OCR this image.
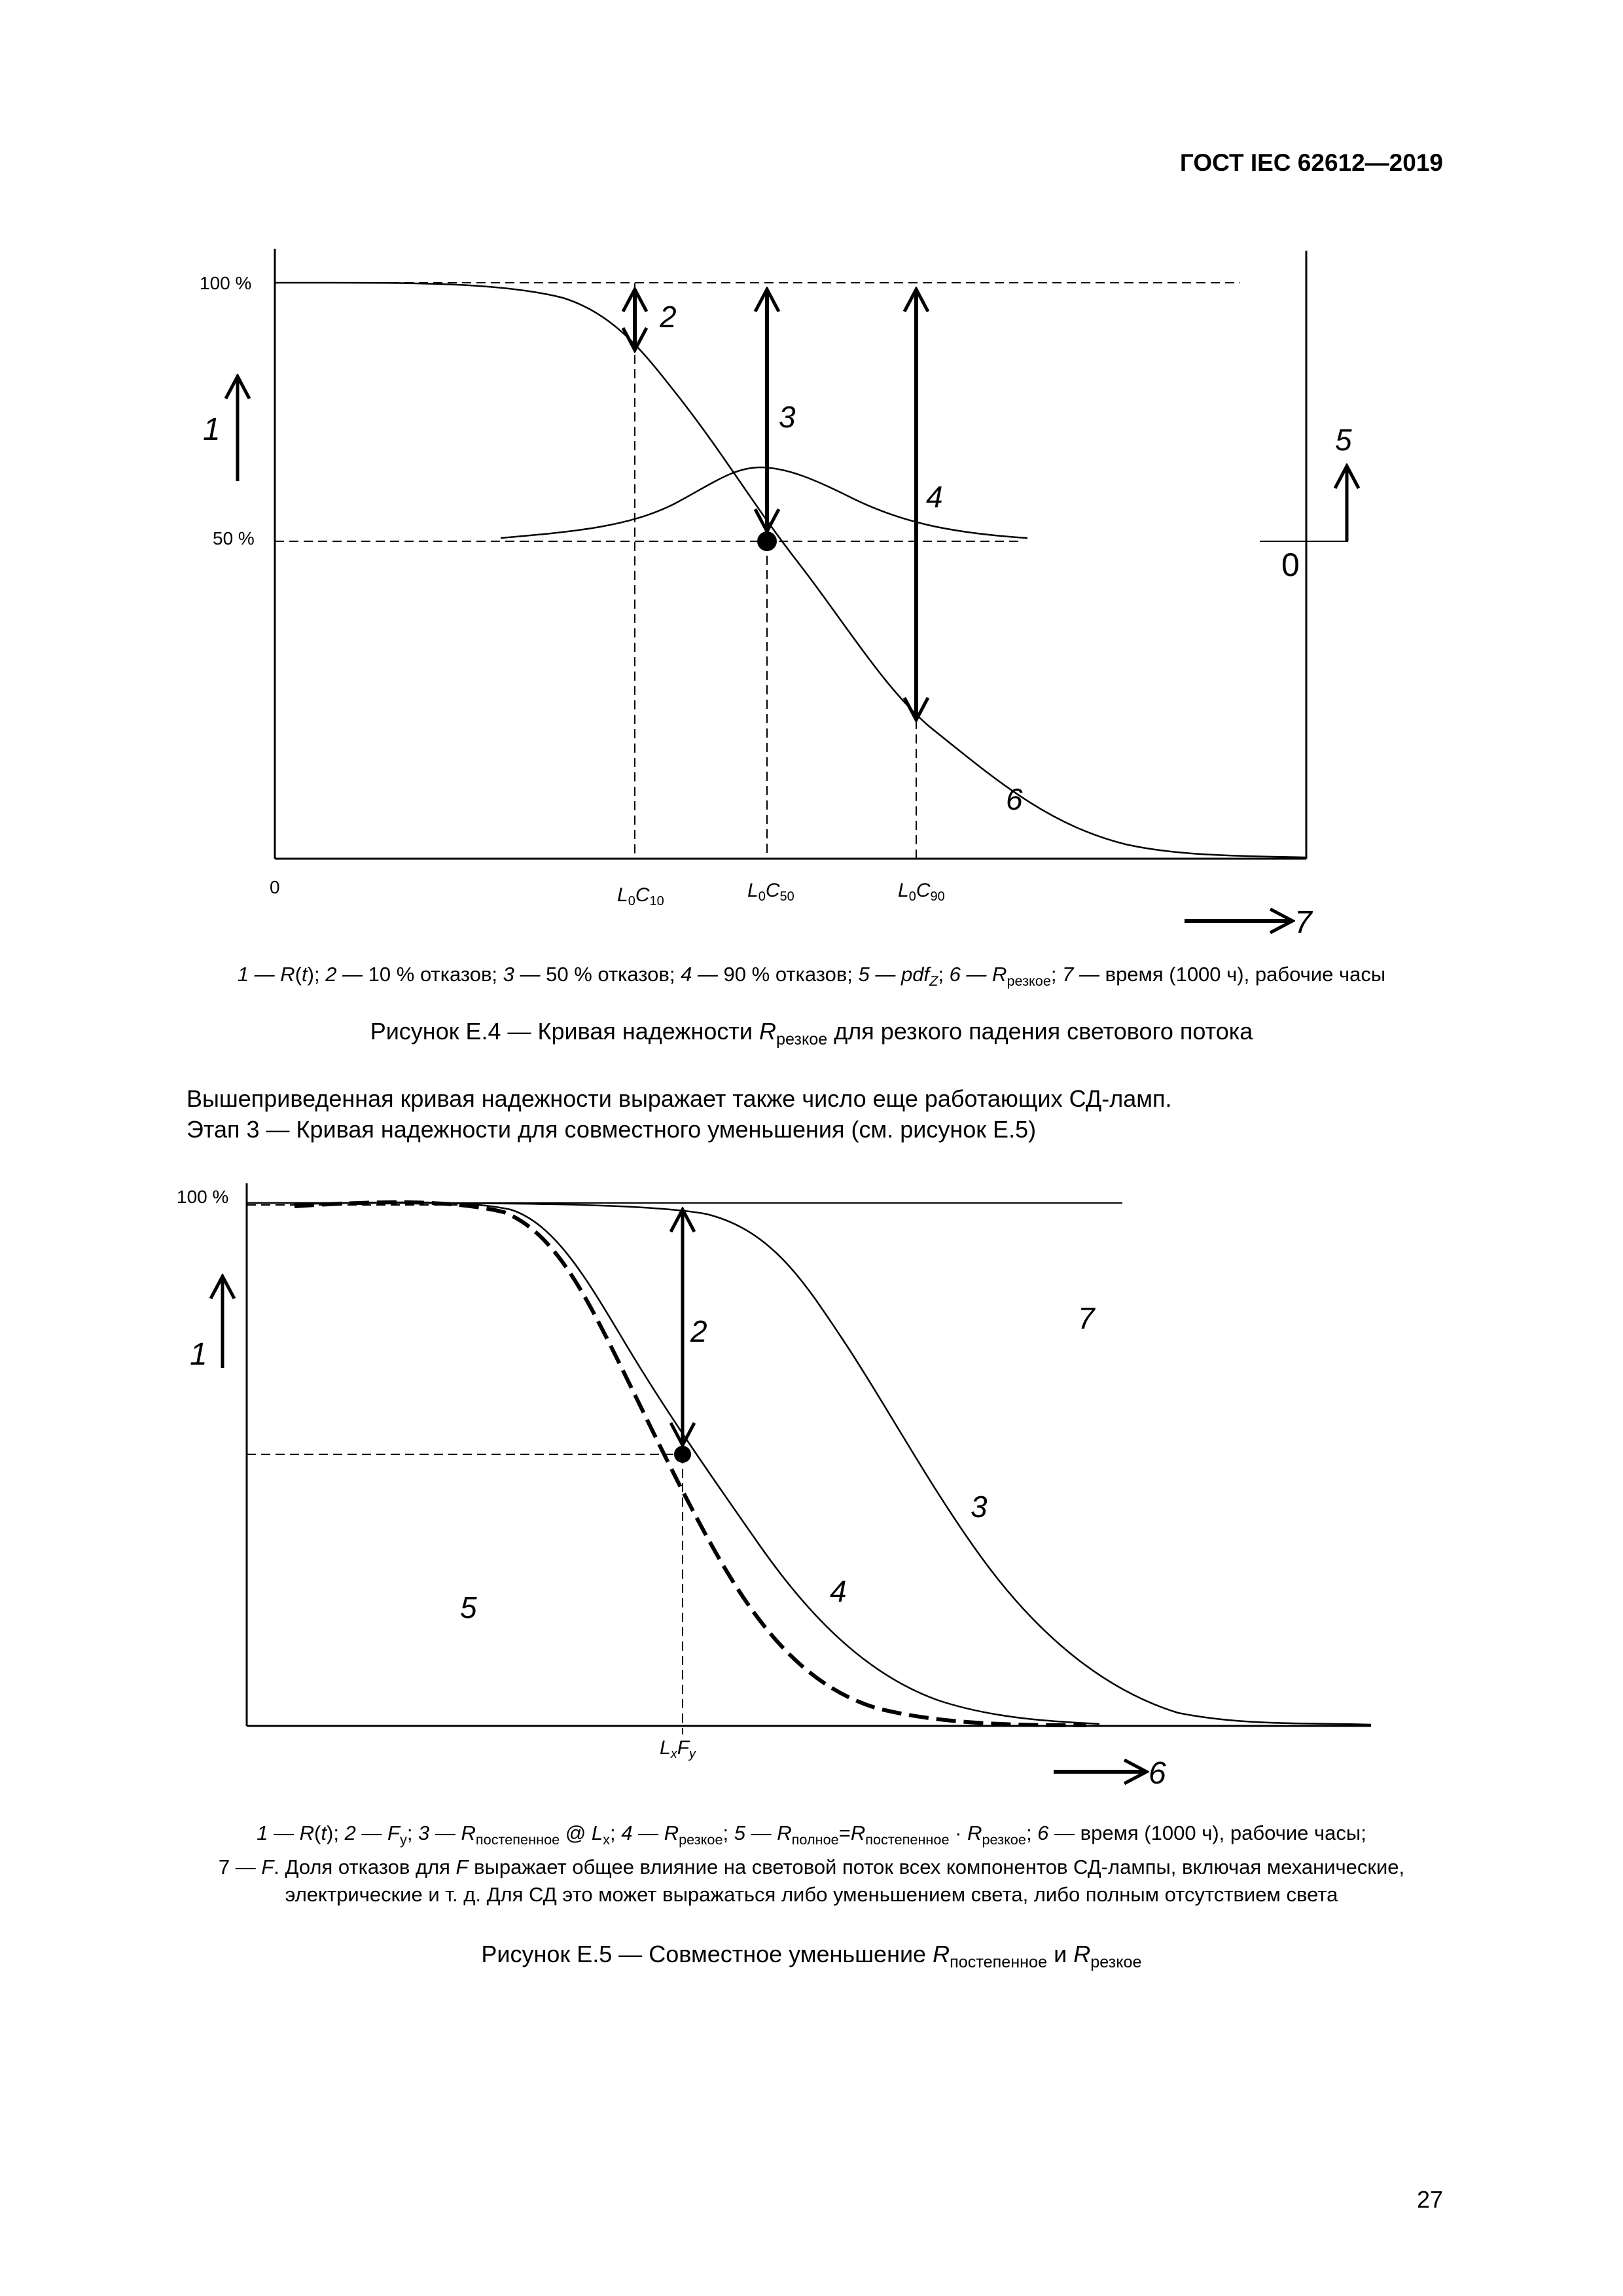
ГОСТ IEC 62612—2019
100 %
50 %
0	$L_0C_{10}$	$L_0C_{50}$	$L_0C_{90}$
1
2
3
4
5
0
6
7
1 — R(t); 2 — 10 % отказов; 3 — 50 % отказов; 4 — 90 % отказов; 5 — pdf$_Z$; 6 — $R_{резкое}$; 7 — время (1000 ч), рабочие часы
Рисунок Е.4 — Кривая надежности $R_{резкое}$ для резкого падения светового потока
Вышеприведенная кривая надежности выражает также число еще работающих СД-ламп.
Этап 3 — Кривая надежности для совместного уменьшения (см. рисунок Е.5)
100 %
1
2
3
4
5
6
7
$L_xF_y$
1 — R(t); 2 — $F_y$; 3 — $R_{постепенное}$ @ $L_x$; 4 — $R_{резкое}$; 5 — $R_{полное}=R_{постепенное} \cdot R_{резкое}$; 6 — время (1000 ч), рабочие часы;
7 — F. Доля отказов для F выражает общее влияние на световой поток всех компонентов СД-лампы, включая механические,
электрические и т. д. Для СД это может выражаться либо уменьшением света, либо полным отсутствием света
Рисунок Е.5 — Совместное уменьшение $R_{постепенное}$ и $R_{резкое}$
27
